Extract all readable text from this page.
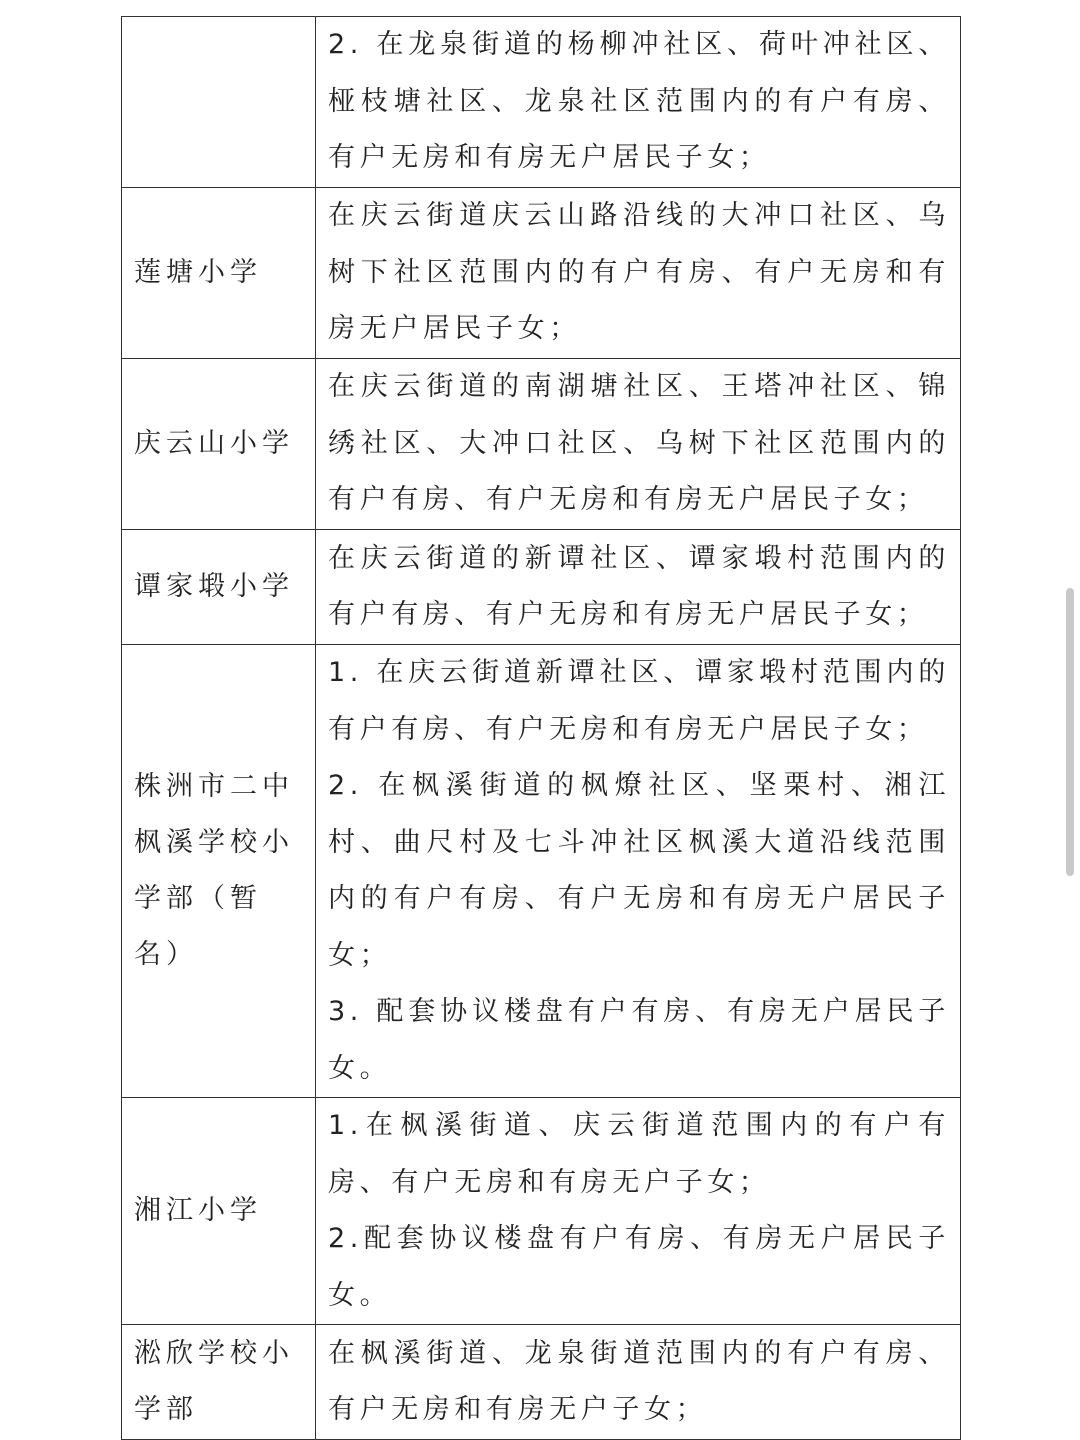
	2. 在龙泉街道的杨柳冲社区、荷叶冲社区、桠枝塘社区、龙泉社区范围内的有户有房、有户无房和有房无户居民子女；

莲塘小学	在庆云街道庆云山路沿线的大冲口社区、乌树下社区范围内的有户有房、有户无房和有房无户居民子女；

庆云山小学	在庆云街道的南湖塘社区、王塔冲社区、锦绣社区、大冲口社区、乌树下社区范围内的有户有房、有户无房和有房无户居民子女；

谭家塅小学	在庆云街道的新谭社区、谭家塅村范围内的有户有房、有户无房和有房无户居民子女；

株洲市二中枫溪学校小学部（暂名）	1. 在庆云街道新谭社区、谭家塅村范围内的有户有房、有户无房和有房无户居民子女；
2. 在枫溪街道的枫燎社区、坚栗村、湘江村、曲尺村及七斗冲社区枫溪大道沿线范围内的有户有房、有户无房和有房无户居民子女；
3. 配套协议楼盘有户有房、有房无户居民子女。

湘江小学	1.在枫溪街道、庆云街道范围内的有户有房、有户无房和有房无户子女；
2.配套协议楼盘有户有房、有房无户居民子女。

淞欣学校小学部	在枫溪街道、龙泉街道范围内的有户有房、有户无房和有房无户子女；
